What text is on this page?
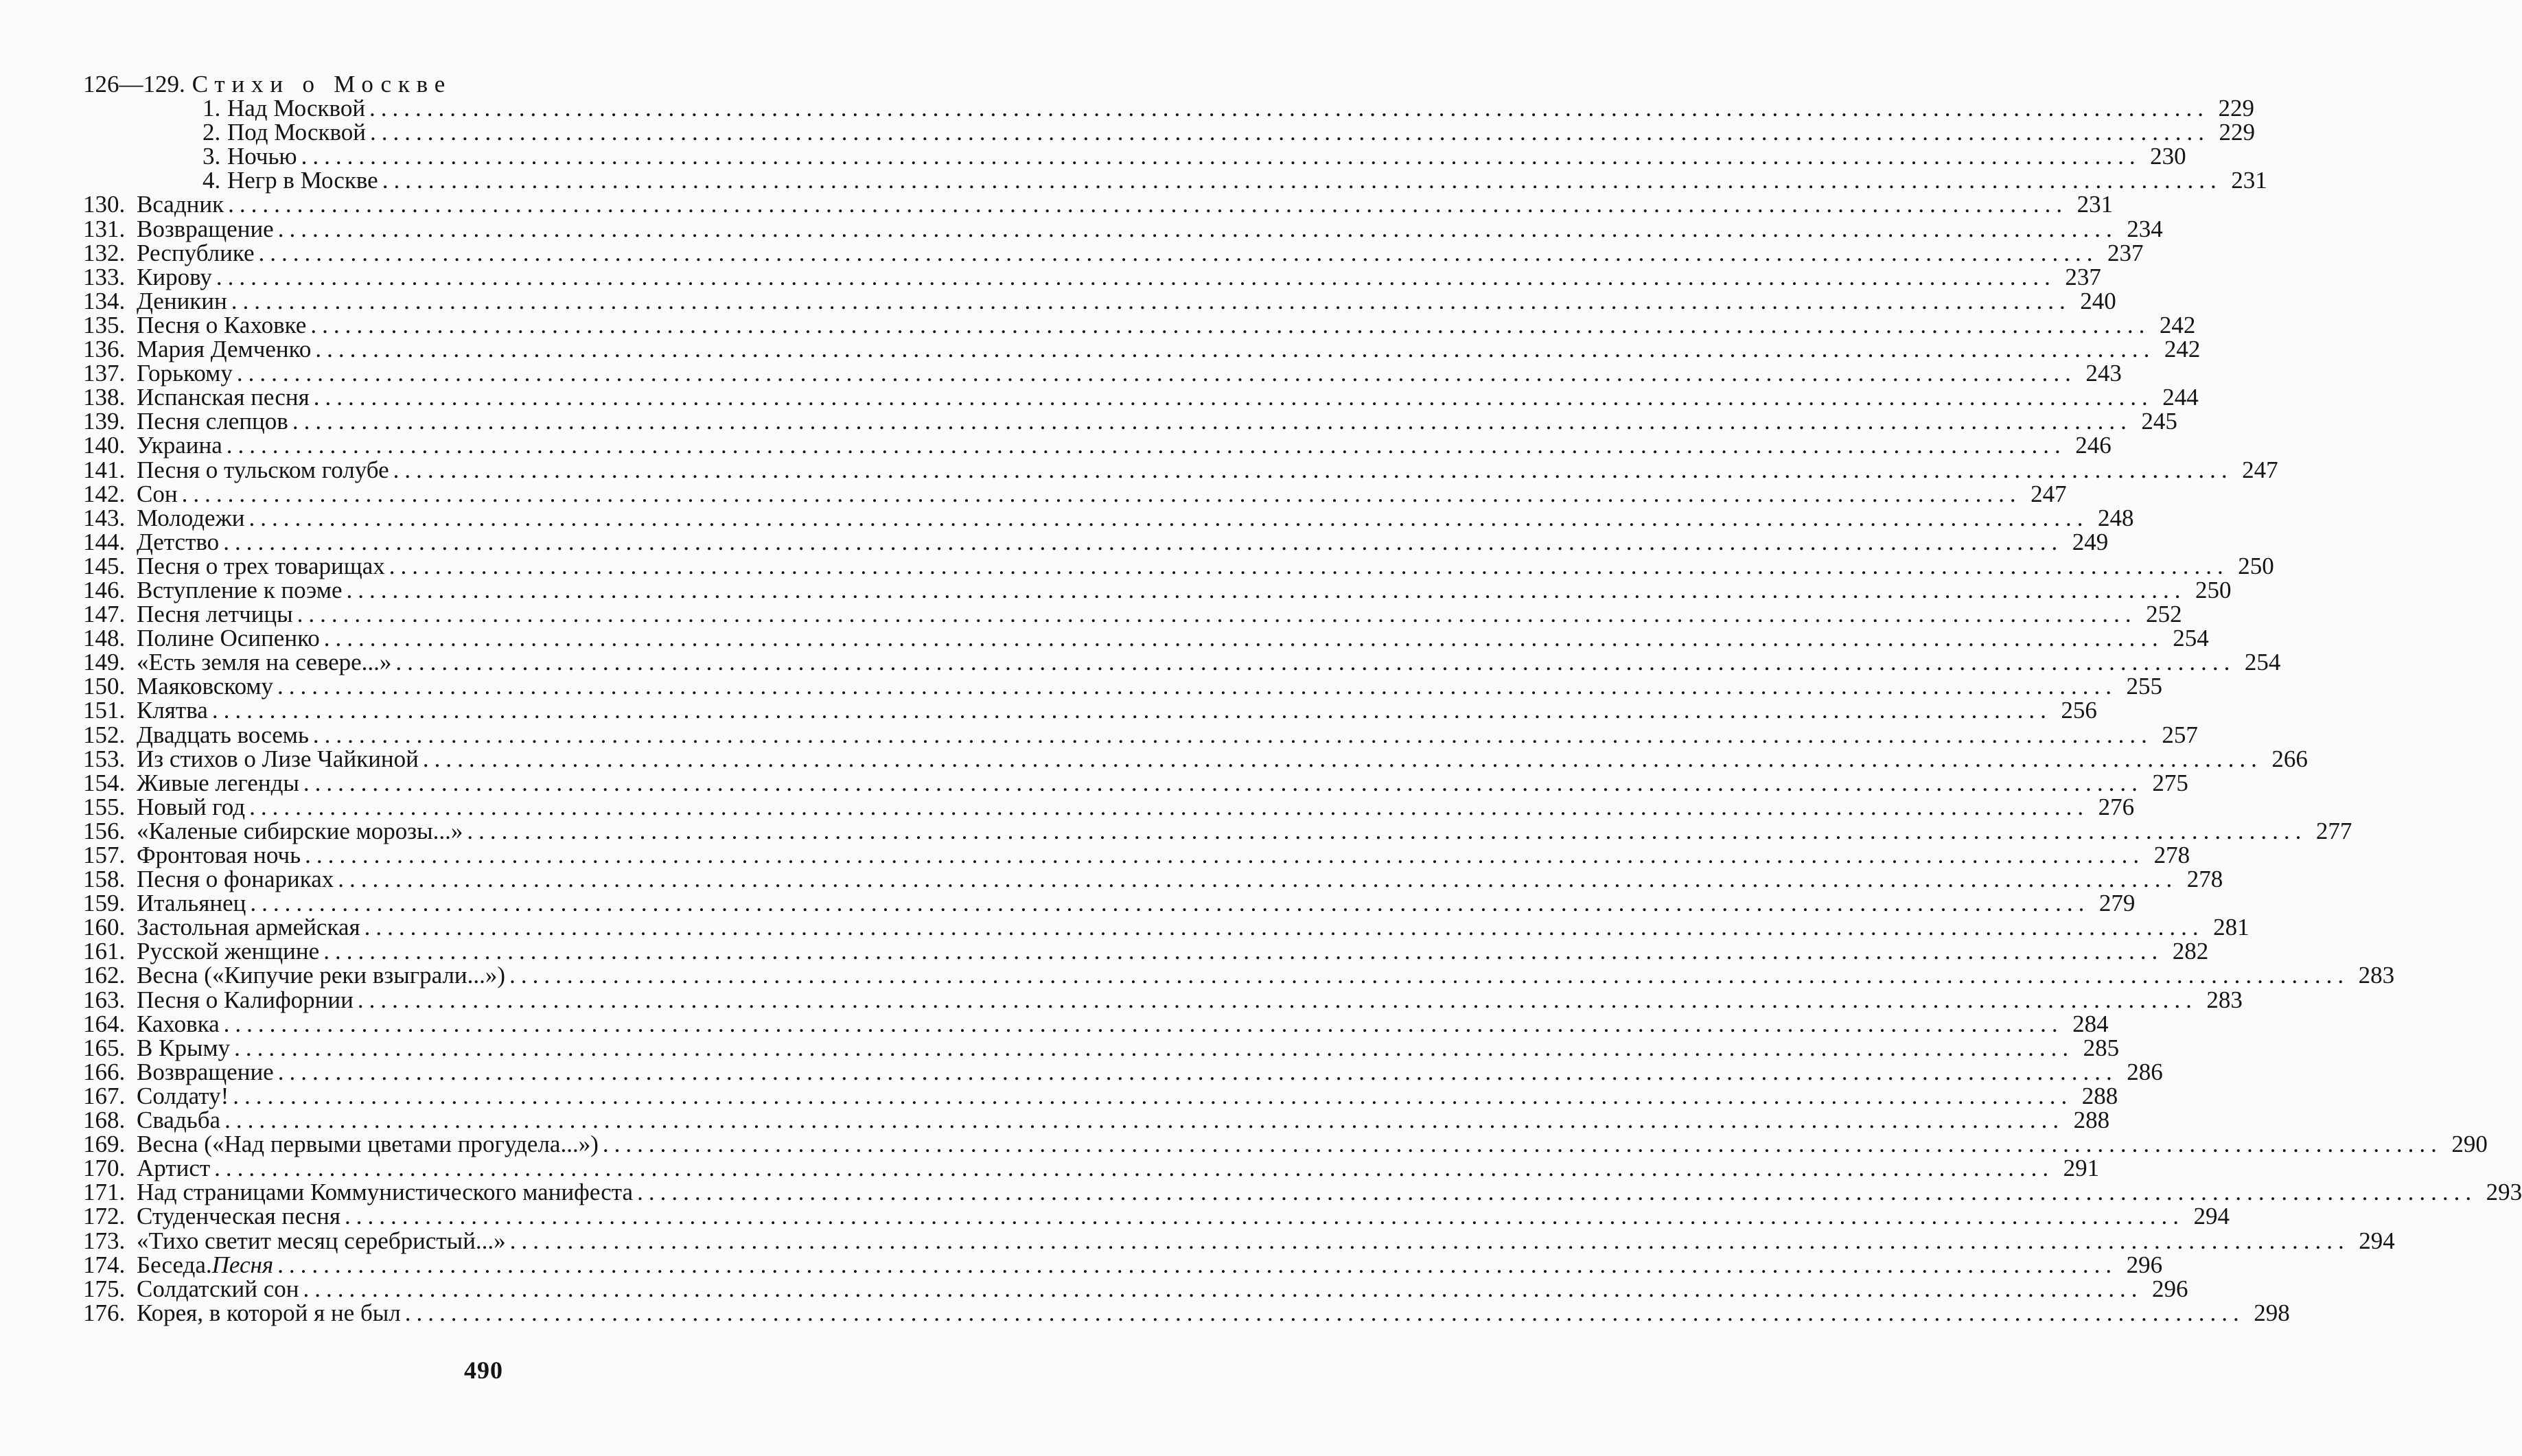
126—129. Стихи о Москве
1. Над Москвой ................................................................................................................................................................ 229
2. Под Москвой ................................................................................................................................................................ 229
3. Ночью ................................................................................................................................................................ 230
4. Негр в Москве ................................................................................................................................................................ 231
130. Всадник ................................................................................................................................................................ 231
131. Возвращение ................................................................................................................................................................ 234
132. Республике ................................................................................................................................................................ 237
133. Кирову ................................................................................................................................................................ 237
134. Деникин ................................................................................................................................................................ 240
135. Песня о Каховке ................................................................................................................................................................ 242
136. Мария Демченко ................................................................................................................................................................ 242
137. Горькому ................................................................................................................................................................ 243
138. Испанская песня ................................................................................................................................................................ 244
139. Песня слепцов ................................................................................................................................................................ 245
140. Украина ................................................................................................................................................................ 246
141. Песня о тульском голубе ................................................................................................................................................................ 247
142. Сон ................................................................................................................................................................ 247
143. Молодежи ................................................................................................................................................................ 248
144. Детство ................................................................................................................................................................ 249
145. Песня о трех товарищах ................................................................................................................................................................ 250
146. Вступление к поэме ................................................................................................................................................................ 250
147. Песня летчицы ................................................................................................................................................................ 252
148. Полине Осипенко ................................................................................................................................................................ 254
149. «Есть земля на севере...» ................................................................................................................................................................ 254
150. Маяковскому ................................................................................................................................................................ 255
151. Клятва ................................................................................................................................................................ 256
152. Двадцать восемь ................................................................................................................................................................ 257
153. Из стихов о Лизе Чайкиной ................................................................................................................................................................ 266
154. Живые легенды ................................................................................................................................................................ 275
155. Новый год ................................................................................................................................................................ 276
156. «Каленые сибирские морозы...» ................................................................................................................................................................ 277
157. Фронтовая ночь ................................................................................................................................................................ 278
158. Песня о фонариках ................................................................................................................................................................ 278
159. Итальянец ................................................................................................................................................................ 279
160. Застольная армейская ................................................................................................................................................................ 281
161. Русской женщине ................................................................................................................................................................ 282
162. Весна («Кипучие реки взыграли...») ................................................................................................................................................................ 283
163. Песня о Калифорнии ................................................................................................................................................................ 283
164. Каховка ................................................................................................................................................................ 284
165. В Крыму ................................................................................................................................................................ 285
166. Возвращение ................................................................................................................................................................ 286
167. Солдату! ................................................................................................................................................................ 288
168. Свадьба ................................................................................................................................................................ 288
169. Весна («Над первыми цветами прогудела...») ................................................................................................................................................................ 290
170. Артист ................................................................................................................................................................ 291
171. Над страницами Коммунистического манифеста ................................................................................................................................................................ 293
172. Студенческая песня ................................................................................................................................................................ 294
173. «Тихо светит месяц серебристый...» ................................................................................................................................................................ 294
174. Беседа. Песня ................................................................................................................................................................ 296
175. Солдатский сон ................................................................................................................................................................ 296
176. Корея, в которой я не был ................................................................................................................................................................ 298
490
